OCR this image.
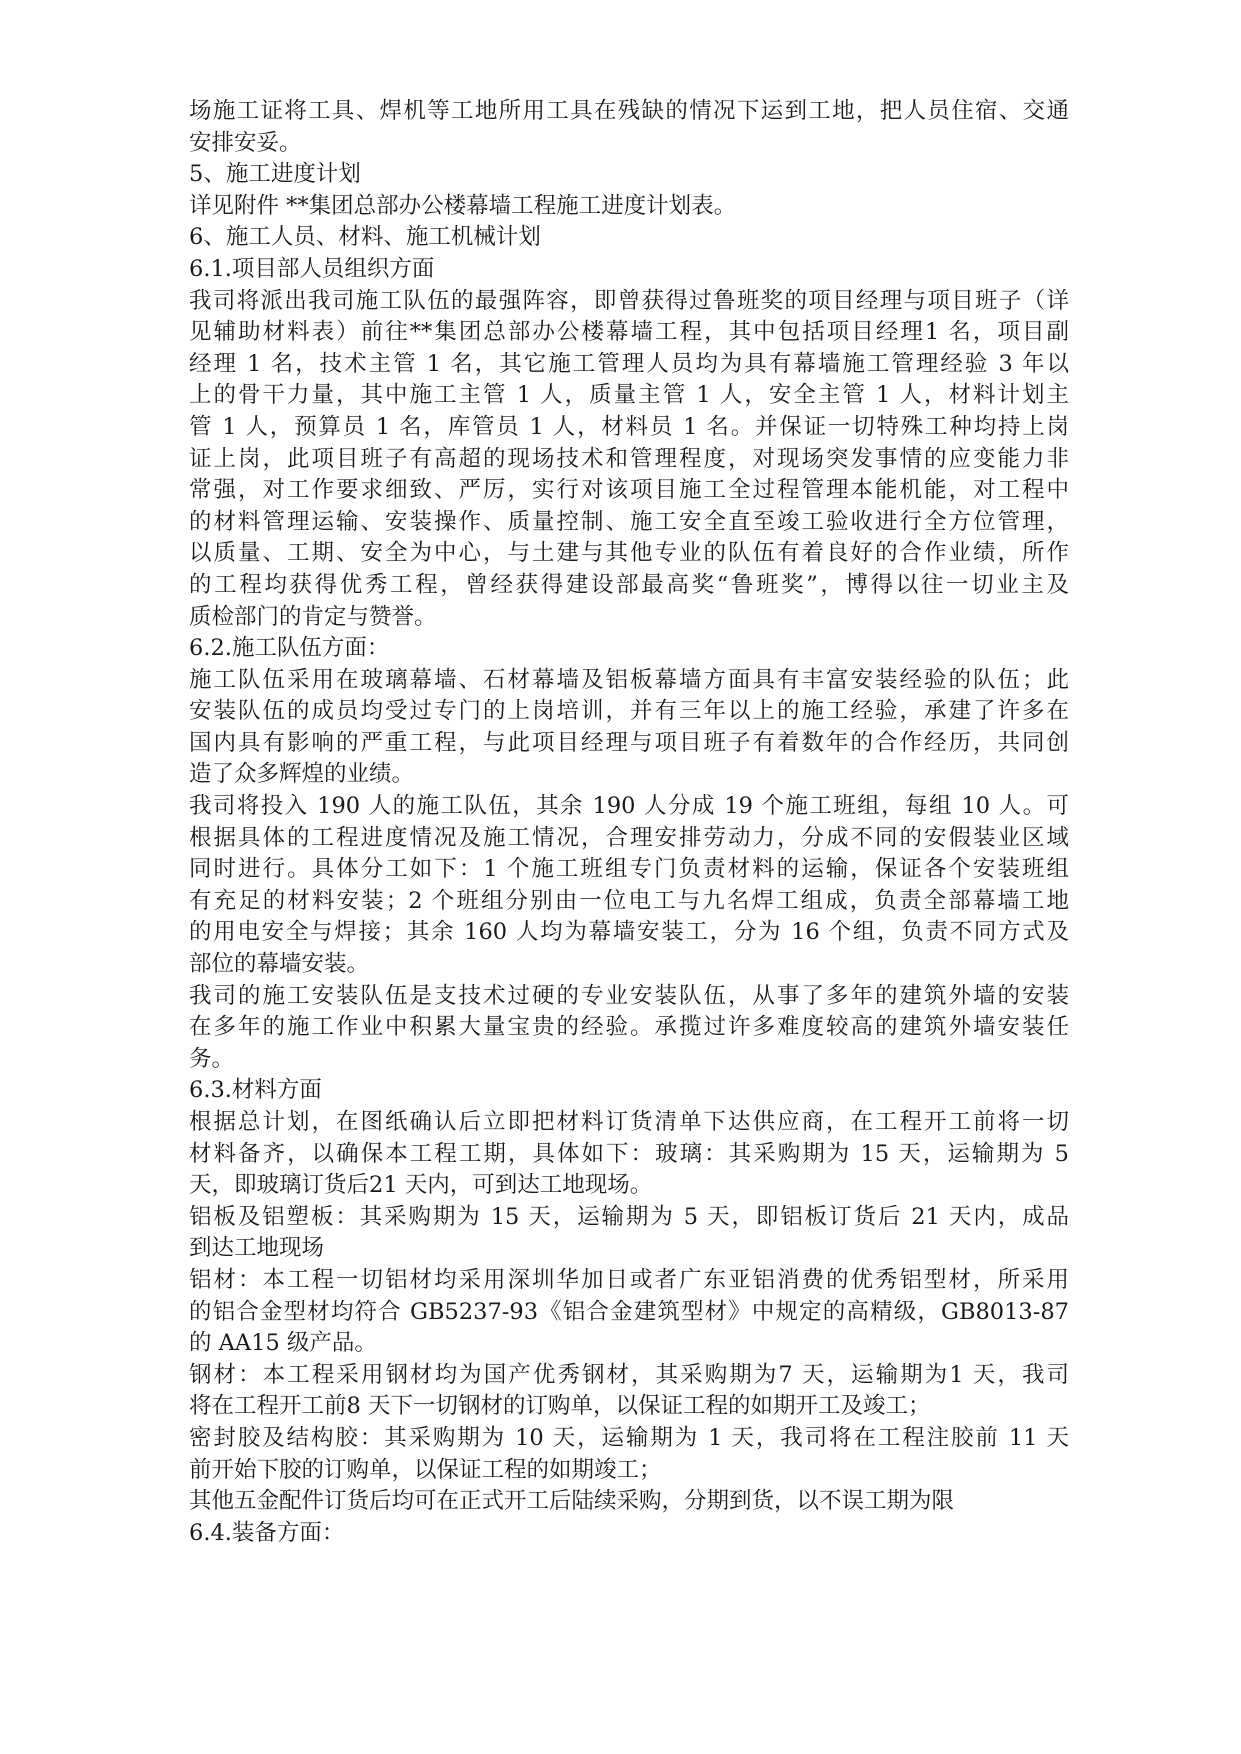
场施工证将工具、焊机等工地所用工具在残缺的情况下运到工地，把人员住宿、交通
安排安妥。
5、施工进度计划
详见附件 **集团总部办公楼幕墙工程施工进度计划表。
6、施工人员、材料、施工机械计划
6.1.项目部人员组织方面
我司将派出我司施工队伍的最强阵容，即曾获得过鲁班奖的项目经理与项目班子（详
见辅助材料表）前往**集团总部办公楼幕墙工程，其中包括项目经理1 名，项目副
经理 1 名，技术主管 1 名，其它施工管理人员均为具有幕墙施工管理经验 3 年以
上的骨干力量，其中施工主管 1 人，质量主管 1 人，安全主管 1 人，材料计划主
管 1 人，预算员 1 名，库管员 1 人，材料员 1 名。并保证一切特殊工种均持上岗
证上岗，此项目班子有高超的现场技术和管理程度，对现场突发事情的应变能力非
常强，对工作要求细致、严厉，实行对该项目施工全过程管理本能机能，对工程中
的材料管理运输、安装操作、质量控制、施工安全直至竣工验收进行全方位管理，
以质量、工期、安全为中心，与土建与其他专业的队伍有着良好的合作业绩，所作
的工程均获得优秀工程，曾经获得建设部最高奖“鲁班奖”，博得以往一切业主及
质检部门的肯定与赞誉。
6.2.施工队伍方面：
施工队伍采用在玻璃幕墙、石材幕墙及铝板幕墙方面具有丰富安装经验的队伍；此
安装队伍的成员均受过专门的上岗培训，并有三年以上的施工经验，承建了许多在
国内具有影响的严重工程，与此项目经理与项目班子有着数年的合作经历，共同创
造了众多辉煌的业绩。
我司将投入 190 人的施工队伍，其余 190 人分成 19 个施工班组，每组 10 人。可
根据具体的工程进度情况及施工情况，合理安排劳动力，分成不同的安假装业区域
同时进行。具体分工如下：1 个施工班组专门负责材料的运输，保证各个安装班组
有充足的材料安装；2 个班组分别由一位电工与九名焊工组成，负责全部幕墙工地
的用电安全与焊接；其余 160 人均为幕墙安装工，分为 16 个组，负责不同方式及
部位的幕墙安装。
我司的施工安装队伍是支技术过硬的专业安装队伍，从事了多年的建筑外墙的安装
在多年的施工作业中积累大量宝贵的经验。承揽过许多难度较高的建筑外墙安装任
务。
6.3.材料方面
根据总计划，在图纸确认后立即把材料订货清单下达供应商，在工程开工前将一切
材料备齐，以确保本工程工期，具体如下：玻璃：其采购期为 15 天，运输期为 5
天，即玻璃订货后21 天内，可到达工地现场。
铝板及铝塑板：其采购期为 15 天，运输期为 5 天，即铝板订货后 21 天内，成品
到达工地现场
铝材：本工程一切铝材均采用深圳华加日或者广东亚铝消费的优秀铝型材，所采用
的铝合金型材均符合 GB5237-93《铝合金建筑型材》中规定的高精级，GB8013-87
的 AA15 级产品。
钢材：本工程采用钢材均为国产优秀钢材，其采购期为7 天，运输期为1 天，我司
将在工程开工前8 天下一切钢材的订购单，以保证工程的如期开工及竣工；
密封胶及结构胶：其采购期为 10 天，运输期为 1 天，我司将在工程注胶前 11 天
前开始下胶的订购单，以保证工程的如期竣工；
其他五金配件订货后均可在正式开工后陆续采购，分期到货，以不误工期为限
6.4.装备方面：
